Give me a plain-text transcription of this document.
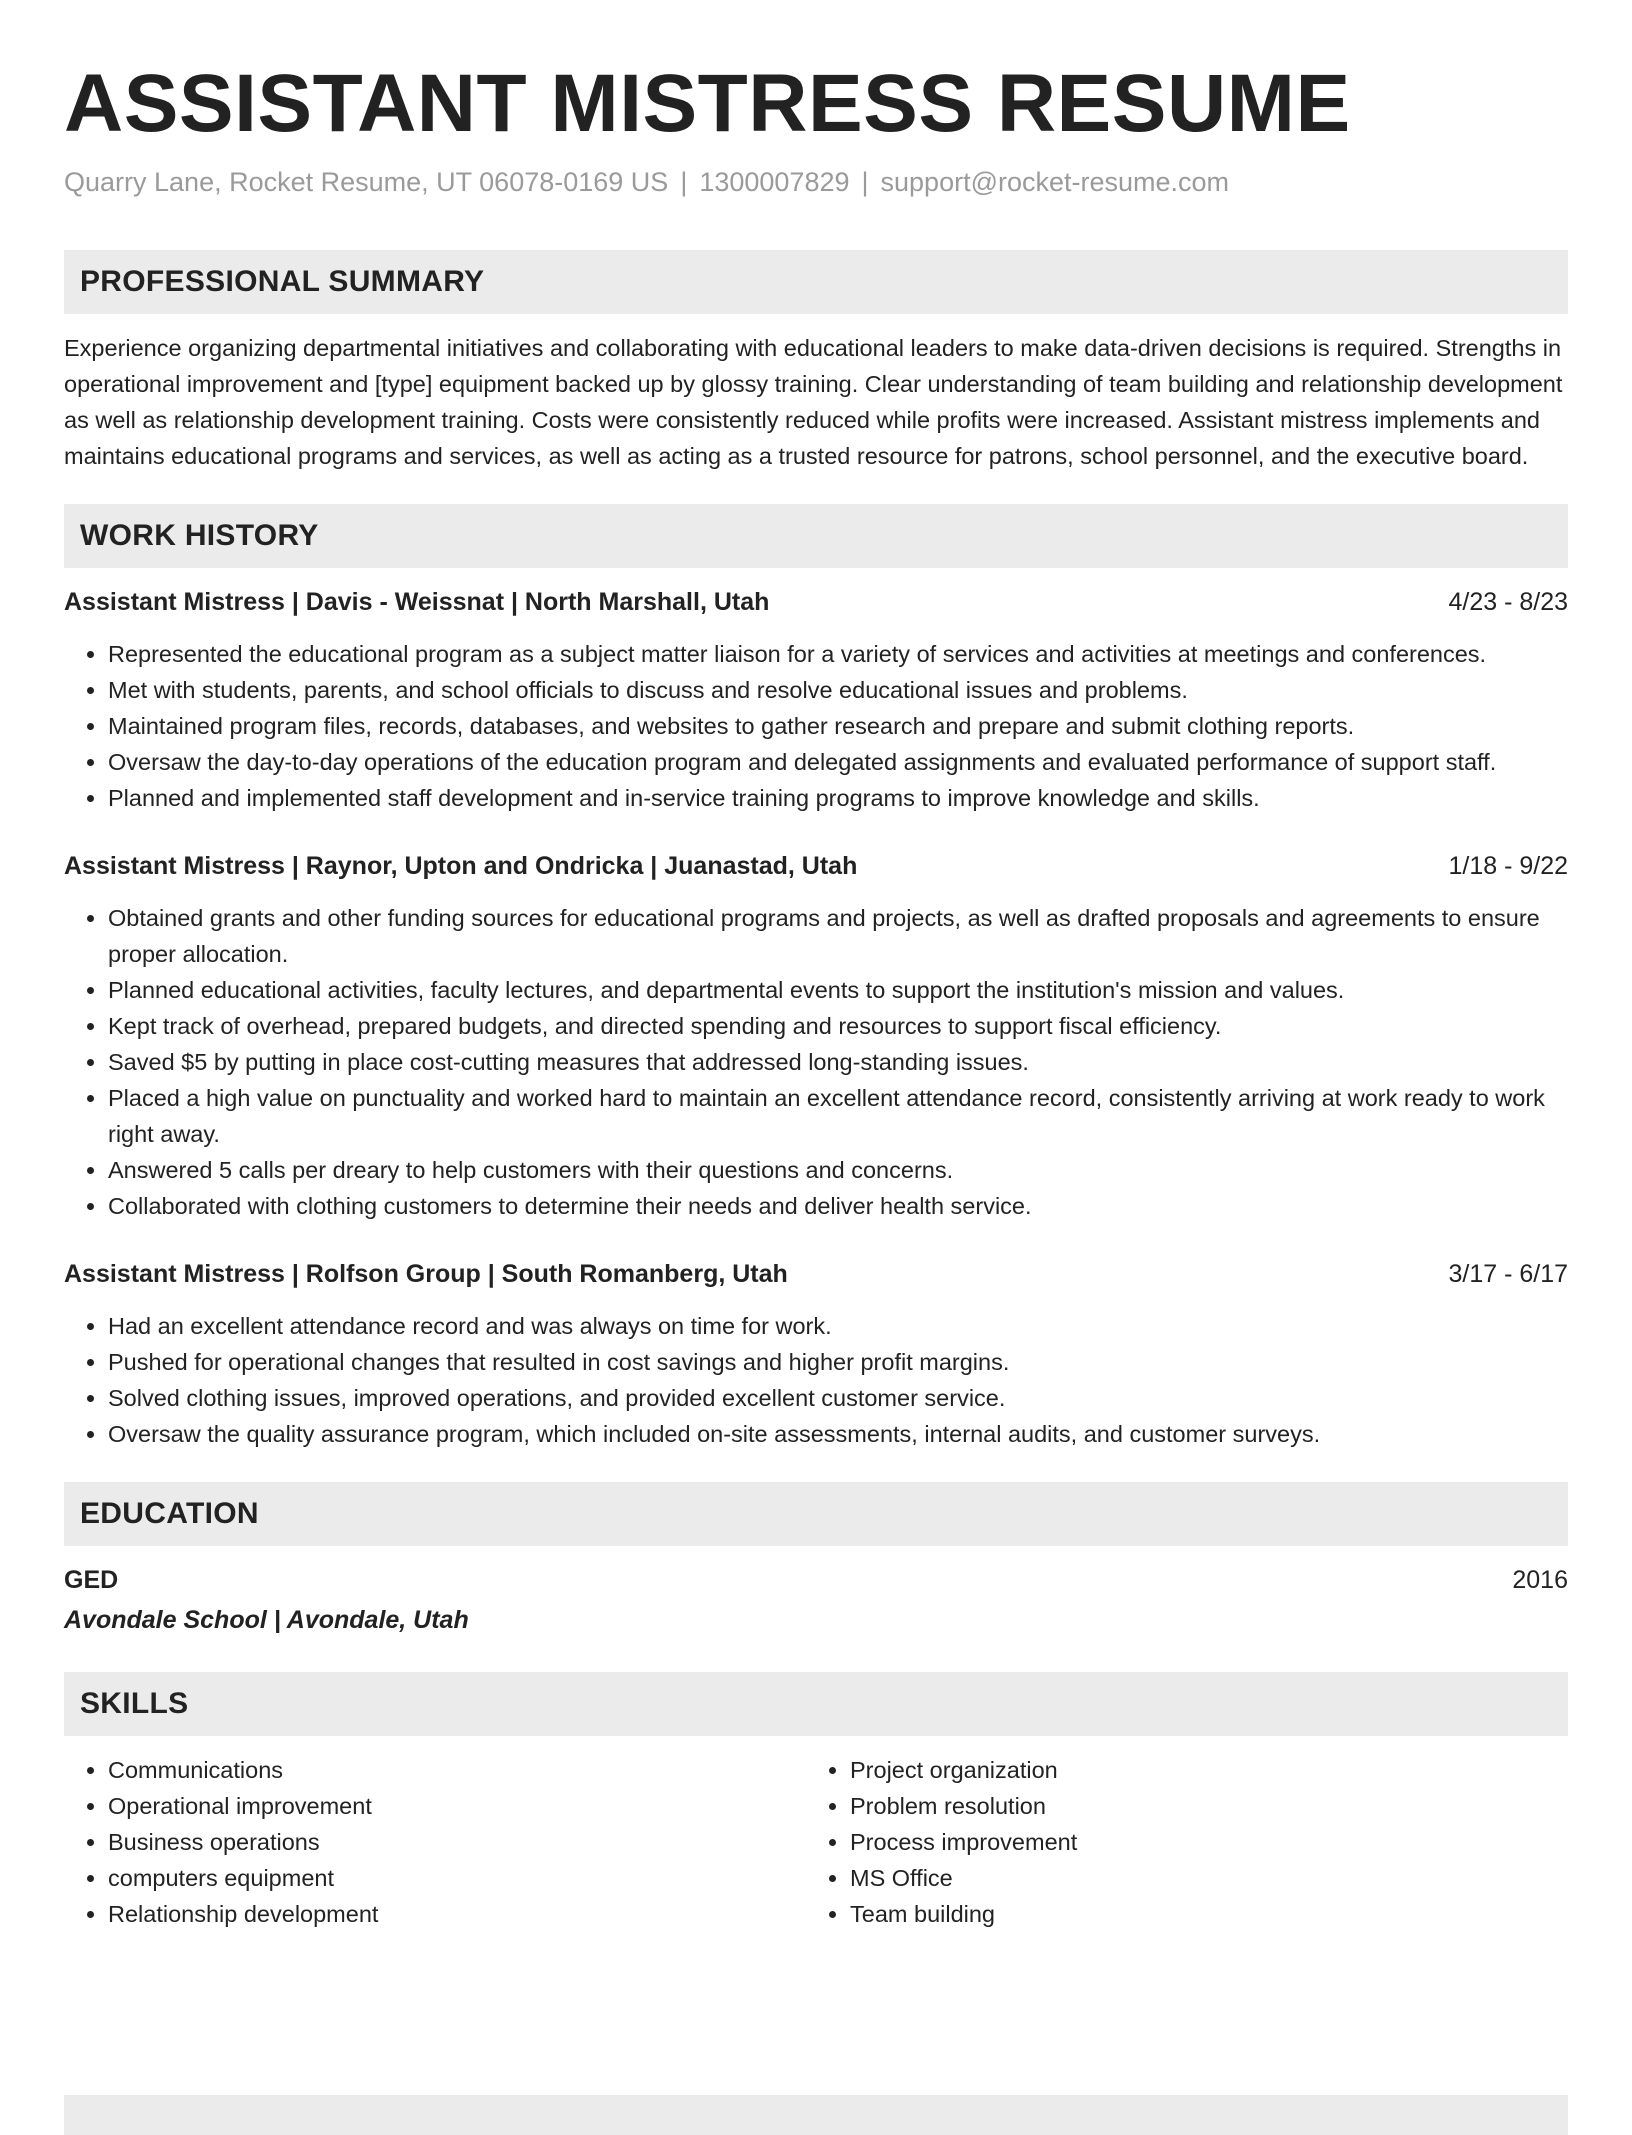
ASSISTANT MISTRESS RESUME
Quarry Lane, Rocket Resume, UT 06078-0169 US | 1300007829 | support@rocket-resume.com
PROFESSIONAL SUMMARY

Experience organizing departmental initiatives and collaborating with educational leaders to make data-driven decisions is required. Strengths in operational improvement and [type] equipment backed up by glossy training. Clear understanding of team building and relationship development as well as relationship development training. Costs were consistently reduced while profits were increased. Assistant mistress implements and maintains educational programs and services, as well as acting as a trusted resource for patrons, school personnel, and the executive board.

WORK HISTORY
Assistant Mistress | Davis - Weissnat | North Marshall, Utah	4/23 - 8/23
• Represented the educational program as a subject matter liaison for a variety of services and activities at meetings and conferences.
• Met with students, parents, and school officials to discuss and resolve educational issues and problems.
• Maintained program files, records, databases, and websites to gather research and prepare and submit clothing reports.
• Oversaw the day-to-day operations of the education program and delegated assignments and evaluated performance of support staff.
• Planned and implemented staff development and in-service training programs to improve knowledge and skills.
Assistant Mistress | Raynor, Upton and Ondricka | Juanastad, Utah	1/18 - 9/22
• Obtained grants and other funding sources for educational programs and projects, as well as drafted proposals and agreements to ensure proper allocation.
• Planned educational activities, faculty lectures, and departmental events to support the institution's mission and values.
• Kept track of overhead, prepared budgets, and directed spending and resources to support fiscal efficiency.
• Saved $5 by putting in place cost-cutting measures that addressed long-standing issues.
• Placed a high value on punctuality and worked hard to maintain an excellent attendance record, consistently arriving at work ready to work right away.
• Answered 5 calls per dreary to help customers with their questions and concerns.
• Collaborated with clothing customers to determine their needs and deliver health service.
Assistant Mistress | Rolfson Group | South Romanberg, Utah	3/17 - 6/17
• Had an excellent attendance record and was always on time for work.
• Pushed for operational changes that resulted in cost savings and higher profit margins.
• Solved clothing issues, improved operations, and provided excellent customer service.
• Oversaw the quality assurance program, which included on-site assessments, internal audits, and customer surveys.
EDUCATION
GED	2016
Avondale School | Avondale, Utah
SKILLS
• Communications
• Operational improvement
• Business operations
• computers equipment
• Relationship development
• Project organization
• Problem resolution
• Process improvement
• MS Office
• Team building
